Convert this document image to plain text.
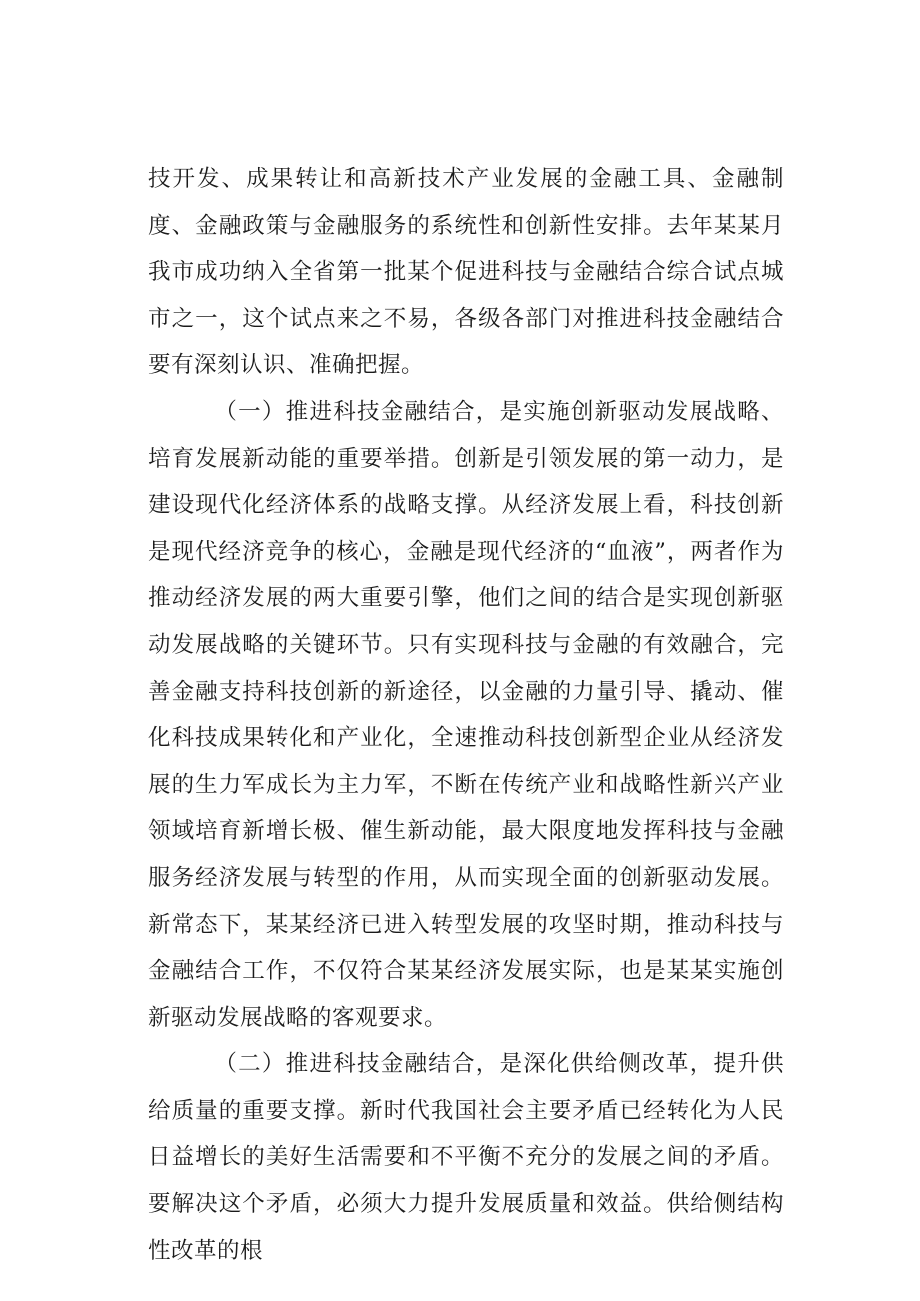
技开发、成果转让和高新技术产业发展的金融工具、金融制度、金融政策与金融服务的系统性和创新性安排。去年某某月我市成功纳入全省第一批某个促进科技与金融结合综合试点城市之一，这个试点来之不易，各级各部门对推进科技金融结合要有深刻认识、准确把握。

（一）推进科技金融结合，是实施创新驱动发展战略、培育发展新动能的重要举措。创新是引领发展的第一动力，是建设现代化经济体系的战略支撑。从经济发展上看，科技创新是现代经济竞争的核心，金融是现代经济的“血液”，两者作为推动经济发展的两大重要引擎，他们之间的结合是实现创新驱动发展战略的关键环节。只有实现科技与金融的有效融合，完善金融支持科技创新的新途径，以金融的力量引导、撬动、催化科技成果转化和产业化，全速推动科技创新型企业从经济发展的生力军成长为主力军，不断在传统产业和战略性新兴产业领域培育新增长极、催生新动能，最大限度地发挥科技与金融服务经济发展与转型的作用，从而实现全面的创新驱动发展。新常态下，某某经济已进入转型发展的攻坚时期，推动科技与金融结合工作，不仅符合某某经济发展实际，也是某某实施创新驱动发展战略的客观要求。

（二）推进科技金融结合，是深化供给侧改革，提升供给质量的重要支撑。新时代我国社会主要矛盾已经转化为人民日益增长的美好生活需要和不平衡不充分的发展之间的矛盾。要解决这个矛盾，必须大力提升发展质量和效益。供给侧结构性改革的根
